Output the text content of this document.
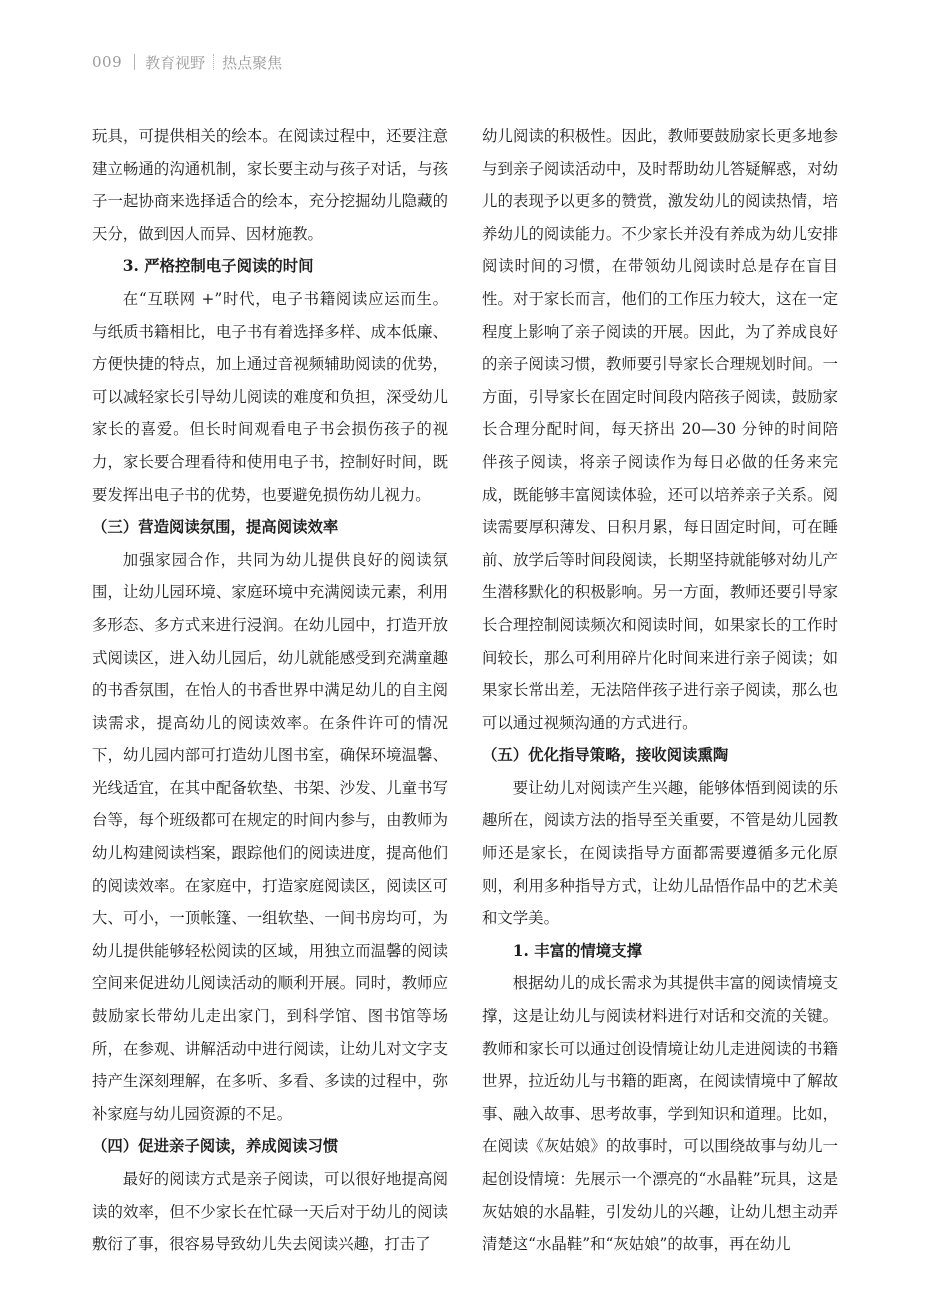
009 教育视野 热点聚焦

玩具，可提供相关的绘本。在阅读过程中，还要注意建立畅通的沟通机制，家长要主动与孩子对话，与孩子一起协商来选择适合的绘本，充分挖掘幼儿隐藏的天分，做到因人而异、因材施教。

3. 严格控制电子阅读的时间

在“互联网 +”时代，电子书籍阅读应运而生。与纸质书籍相比，电子书有着选择多样、成本低廉、方便快捷的特点，加上通过音视频辅助阅读的优势，可以减轻家长引导幼儿阅读的难度和负担，深受幼儿家长的喜爱。但长时间观看电子书会损伤孩子的视力，家长要合理看待和使用电子书，控制好时间，既要发挥出电子书的优势，也要避免损伤幼儿视力。

（三）营造阅读氛围，提高阅读效率

加强家园合作，共同为幼儿提供良好的阅读氛围，让幼儿园环境、家庭环境中充满阅读元素，利用多形态、多方式来进行浸润。在幼儿园中，打造开放式阅读区，进入幼儿园后，幼儿就能感受到充满童趣的书香氛围，在怡人的书香世界中满足幼儿的自主阅读需求，提高幼儿的阅读效率。在条件许可的情况下，幼儿园内部可打造幼儿图书室，确保环境温馨、光线适宜，在其中配备软垫、书架、沙发、儿童书写台等，每个班级都可在规定的时间内参与，由教师为幼儿构建阅读档案，跟踪他们的阅读进度，提高他们的阅读效率。在家庭中，打造家庭阅读区，阅读区可大、可小，一顶帐篷、一组软垫、一间书房均可，为幼儿提供能够轻松阅读的区域，用独立而温馨的阅读空间来促进幼儿阅读活动的顺利开展。同时，教师应鼓励家长带幼儿走出家门，到科学馆、图书馆等场所，在参观、讲解活动中进行阅读，让幼儿对文字支持产生深刻理解，在多听、多看、多读的过程中，弥补家庭与幼儿园资源的不足。

（四）促进亲子阅读，养成阅读习惯

最好的阅读方式是亲子阅读，可以很好地提高阅读的效率，但不少家长在忙碌一天后对于幼儿的阅读敷衍了事，很容易导致幼儿失去阅读兴趣，打击了

幼儿阅读的积极性。因此，教师要鼓励家长更多地参与到亲子阅读活动中，及时帮助幼儿答疑解惑，对幼儿的表现予以更多的赞赏，激发幼儿的阅读热情，培养幼儿的阅读能力。不少家长并没有养成为幼儿安排阅读时间的习惯，在带领幼儿阅读时总是存在盲目性。对于家长而言，他们的工作压力较大，这在一定程度上影响了亲子阅读的开展。因此，为了养成良好的亲子阅读习惯，教师要引导家长合理规划时间。一方面，引导家长在固定时间段内陪孩子阅读，鼓励家长合理分配时间，每天挤出 20—30 分钟的时间陪伴孩子阅读，将亲子阅读作为每日必做的任务来完成，既能够丰富阅读体验，还可以培养亲子关系。阅读需要厚积薄发、日积月累，每日固定时间，可在睡前、放学后等时间段阅读，长期坚持就能够对幼儿产生潜移默化的积极影响。另一方面，教师还要引导家长合理控制阅读频次和阅读时间，如果家长的工作时间较长，那么可利用碎片化时间来进行亲子阅读；如果家长常出差，无法陪伴孩子进行亲子阅读，那么也可以通过视频沟通的方式进行。

（五）优化指导策略，接收阅读熏陶

要让幼儿对阅读产生兴趣，能够体悟到阅读的乐趣所在，阅读方法的指导至关重要，不管是幼儿园教师还是家长，在阅读指导方面都需要遵循多元化原则，利用多种指导方式，让幼儿品悟作品中的艺术美和文学美。

1. 丰富的情境支撑

根据幼儿的成长需求为其提供丰富的阅读情境支撑，这是让幼儿与阅读材料进行对话和交流的关键。教师和家长可以通过创设情境让幼儿走进阅读的书籍世界，拉近幼儿与书籍的距离，在阅读情境中了解故事、融入故事、思考故事，学到知识和道理。比如，在阅读《灰姑娘》的故事时，可以围绕故事与幼儿一起创设情境：先展示一个漂亮的“水晶鞋”玩具，这是灰姑娘的水晶鞋，引发幼儿的兴趣，让幼儿想主动弄清楚这“水晶鞋”和“灰姑娘”的故事，再在幼儿
